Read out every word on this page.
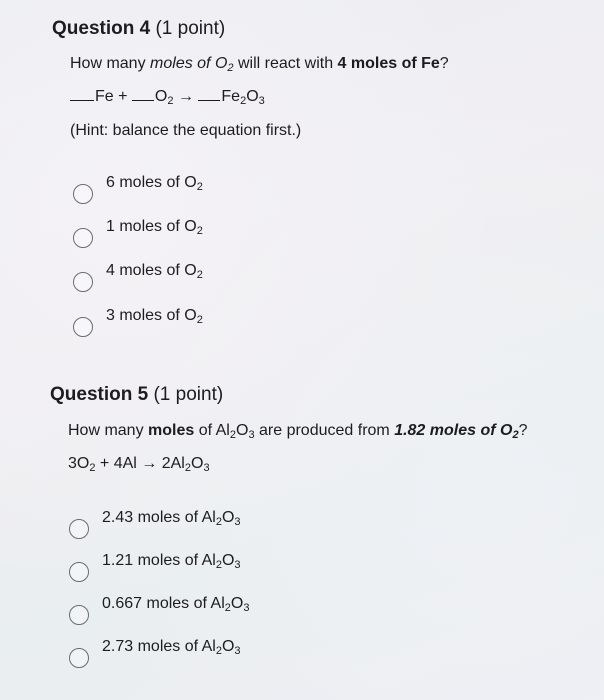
Question 4 (1 point)
How many moles of $O_2$ will react with 4 moles of Fe?
$Fe + O_2 \to Fe_2O_3$
(Hint: balance the equation first.)
6 moles of $O_2$
1 moles of $O_2$
4 moles of $O_2$
3 moles of $O_2$
Question 5 (1 point)
How many moles of $Al_2O_3$ are produced from 1.82 moles of $O_2$?
$3O_2 + 4Al \to 2Al_2O_3$
2.43 moles of $Al_2O_3$
1.21 moles of $Al_2O_3$
0.667 moles of $Al_2O_3$
2.73 moles of $Al_2O_3$
